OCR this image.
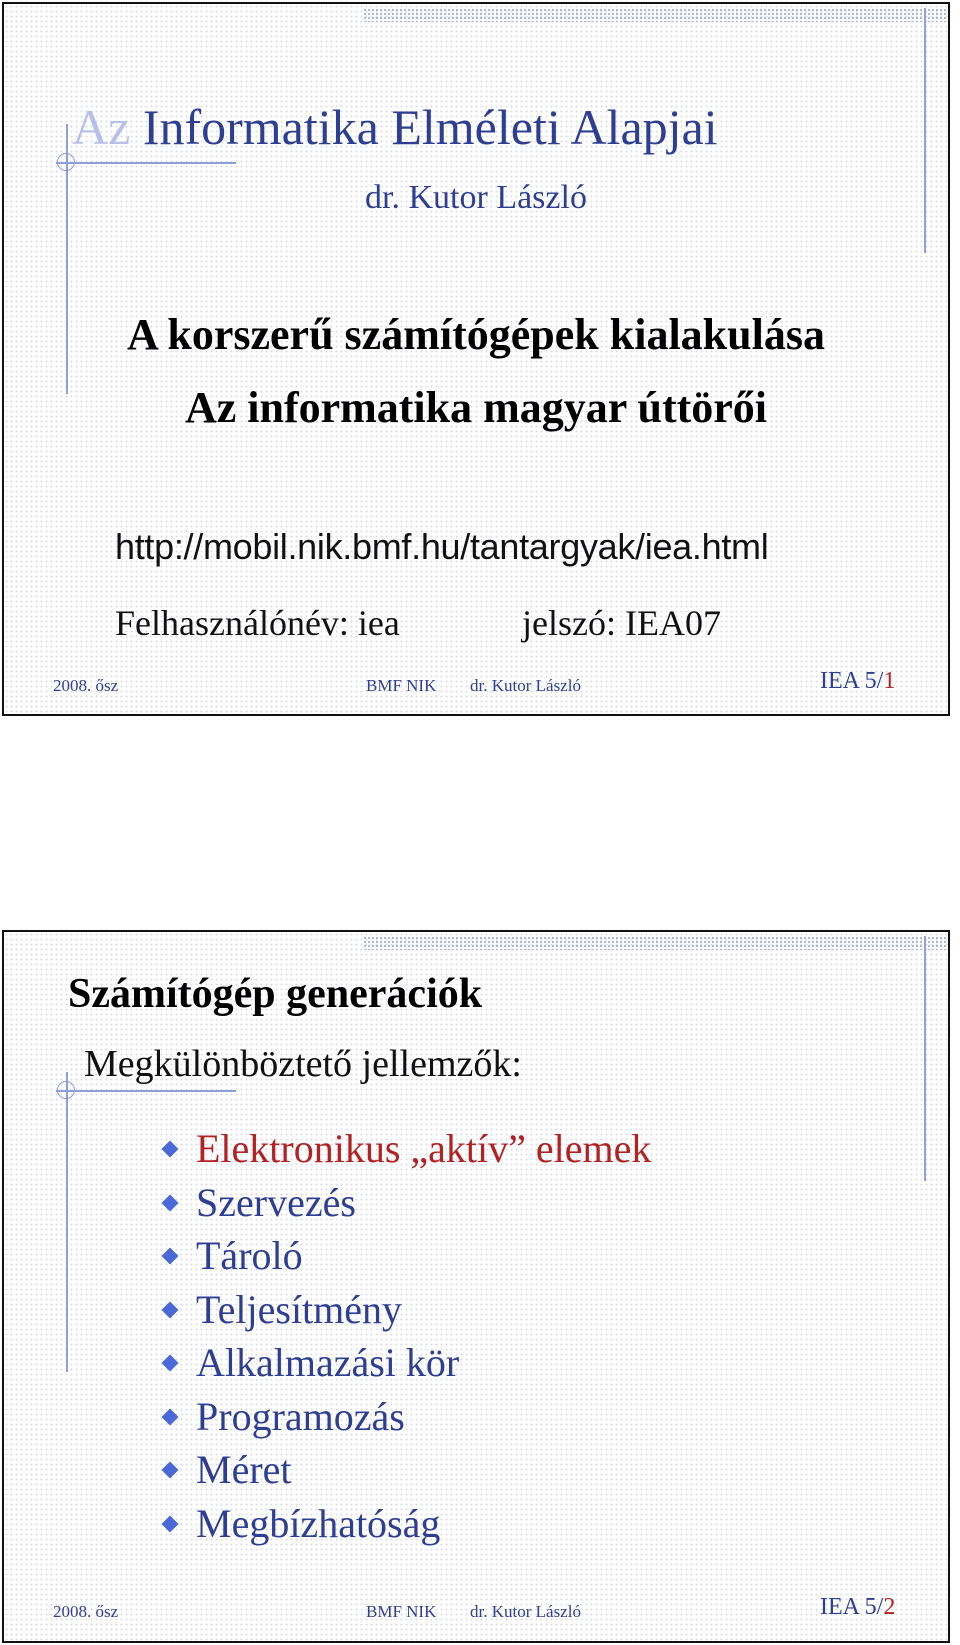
Az Informatika Elméleti Alapjai
dr. Kutor László
A korszerű számítógépek kialakulása
Az informatika magyar úttörői
http://mobil.nik.bmf.hu/tantargyak/iea.html
Felhasználónév: iea	jelszó: IEA07
2008. ősz	BMF NIK dr. Kutor László	IEA 5/1
Számítógép generációk
Megkülönböztető jellemzők:
Elektronikus „aktív” elemek
Szervezés
Tároló
Teljesítmény
Alkalmazási kör
Programozás
Méret
Megbízhatóság
2008. ősz	BMF NIK dr. Kutor László	IEA 5/2
